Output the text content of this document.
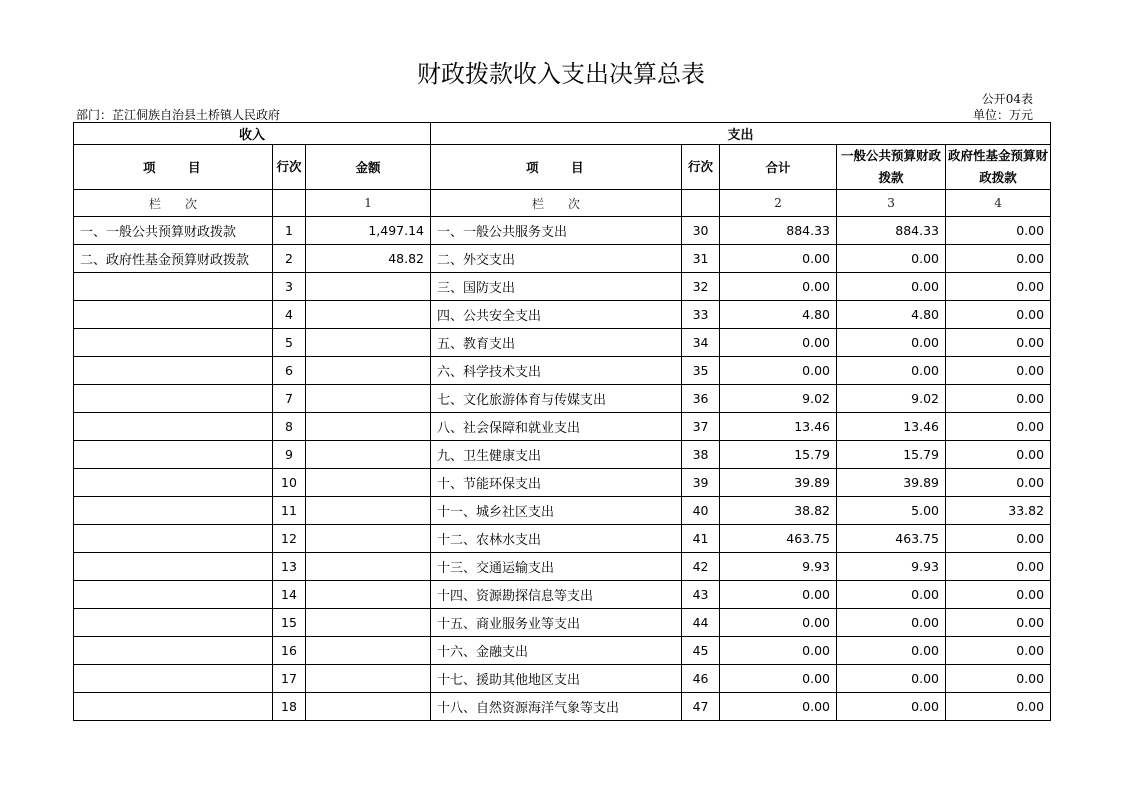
财政拨款收入支出决算总表
公开04表
部门：芷江侗族自治县土桥镇人民政府	单位：万元
收入			支出				
项　　目	行次	金额	项　　目	行次	合计	一般公共预算财政拨款	政府性基金预算财政拨款
栏　　次		1	栏　　次		2	3	4
一、一般公共预算财政拨款	1	1,497.14	一、一般公共服务支出	30	884.33	884.33	0.00
二、政府性基金预算财政拨款	2	48.82	二、外交支出	31	0.00	0.00	0.00
	3		三、国防支出	32	0.00	0.00	0.00
	4		四、公共安全支出	33	4.80	4.80	0.00
	5		五、教育支出	34	0.00	0.00	0.00
	6		六、科学技术支出	35	0.00	0.00	0.00
	7		七、文化旅游体育与传媒支出	36	9.02	9.02	0.00
	8		八、社会保障和就业支出	37	13.46	13.46	0.00
	9		九、卫生健康支出	38	15.79	15.79	0.00
	10		十、节能环保支出	39	39.89	39.89	0.00
	11		十一、城乡社区支出	40	38.82	5.00	33.82
	12		十二、农林水支出	41	463.75	463.75	0.00
	13		十三、交通运输支出	42	9.93	9.93	0.00
	14		十四、资源勘探信息等支出	43	0.00	0.00	0.00
	15		十五、商业服务业等支出	44	0.00	0.00	0.00
	16		十六、金融支出	45	0.00	0.00	0.00
	17		十七、援助其他地区支出	46	0.00	0.00	0.00
	18		十八、自然资源海洋气象等支出	47	0.00	0.00	0.00
